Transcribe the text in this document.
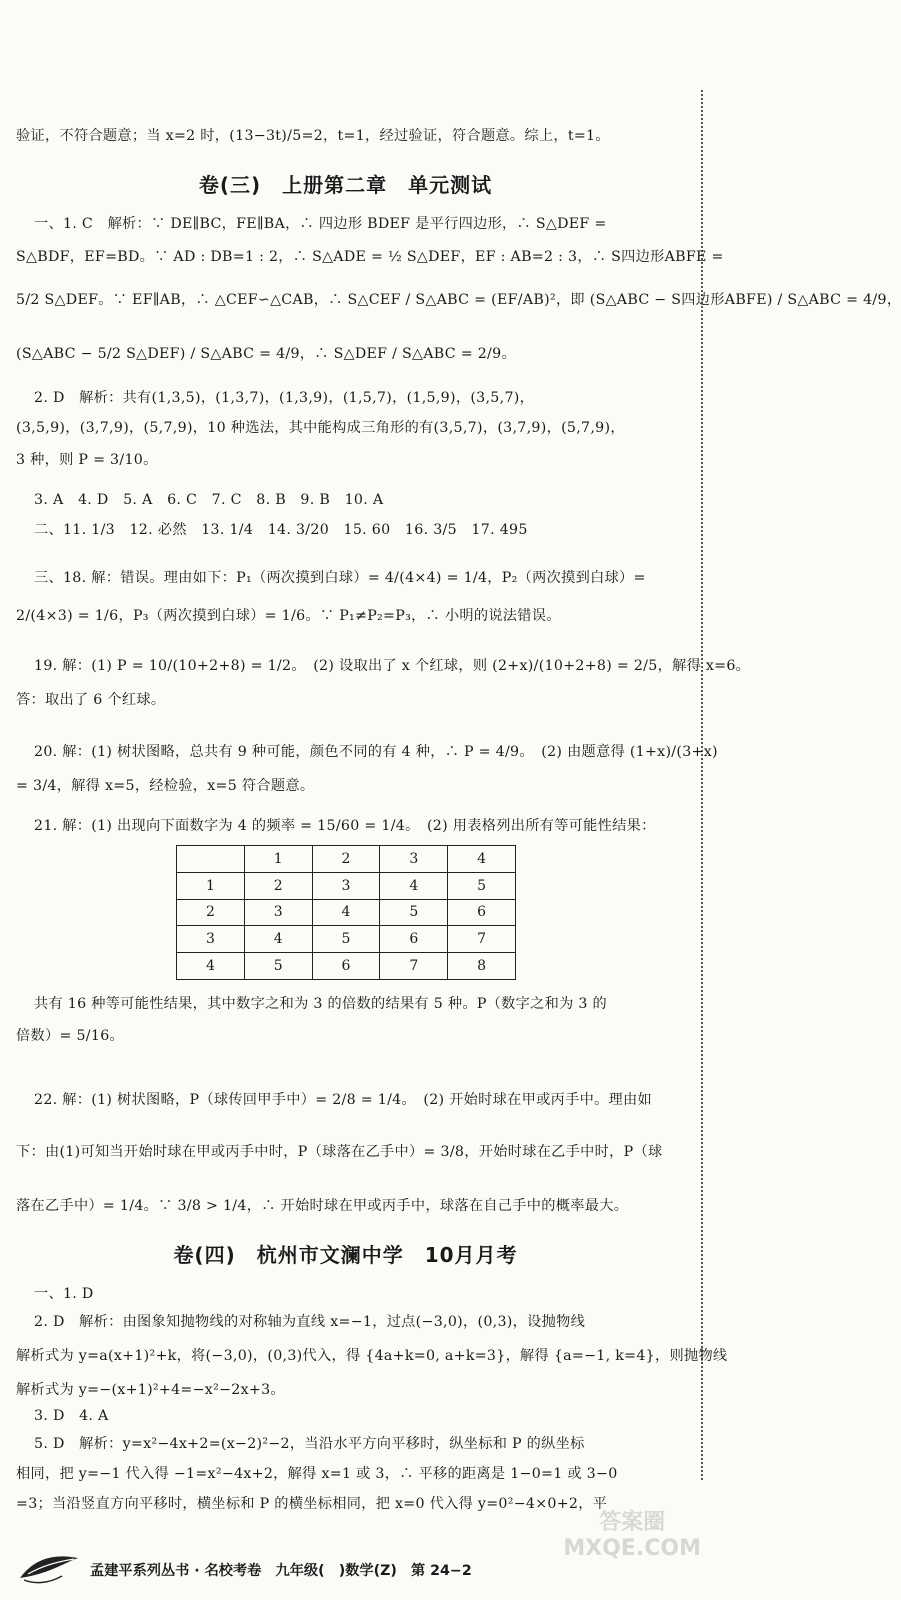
验证，不符合题意；当 x=2 时，(13−3t)/5=2，t=1，经过验证，符合题意。综上，t=1。
卷(三)　上册第二章　单元测试
一、1. C　解析：∵ DE∥BC，FE∥BA，∴ 四边形 BDEF 是平行四边形，∴ S△DEF =
S△BDF，EF=BD。∵ AD : DB=1 : 2，∴ S△ADE = ½ S△DEF，EF : AB=2 : 3，∴ S四边形ABFE =
5/2 S△DEF。∵ EF∥AB，∴ △CEF∽△CAB，∴ S△CEF / S△ABC = (EF/AB)²，即 (S△ABC − S四边形ABFE) / S△ABC = 4/9，
(S△ABC − 5/2 S△DEF) / S△ABC = 4/9，∴ S△DEF / S△ABC = 2/9。
2. D　解析：共有(1,3,5)，(1,3,7)，(1,3,9)，(1,5,7)，(1,5,9)，(3,5,7)，
(3,5,9)，(3,7,9)，(5,7,9)，10 种选法，其中能构成三角形的有(3,5,7)，(3,7,9)，(5,7,9)，
3 种，则 P = 3/10。
3. A　4. D　5. A　6. C　7. C　8. B　9. B　10. A
二、11. 1/3　12. 必然　13. 1/4　14. 3/20　15. 60　16. 3/5　17. 495
三、18. 解：错误。理由如下：P₁（两次摸到白球）= 4/(4×4) = 1/4，P₂（两次摸到白球）=
2/(4×3) = 1/6，P₃（两次摸到白球）= 1/6。∵ P₁≠P₂=P₃，∴ 小明的说法错误。
19. 解：(1) P = 10/(10+2+8) = 1/2。　(2) 设取出了 x 个红球，则 (2+x)/(10+2+8) = 2/5，解得 x=6。
答：取出了 6 个红球。
20. 解：(1) 树状图略，总共有 9 种可能，颜色不同的有 4 种，∴ P = 4/9。　(2) 由题意得 (1+x)/(3+x)
= 3/4，解得 x=5，经检验，x=5 符合题意。
21. 解：(1) 出现向下面数字为 4 的频率 = 15/60 = 1/4。　(2) 用表格列出所有等可能性结果：
	1	2	3	4
1	2	3	4	5
2	3	4	5	6
3	4	5	6	7
4	5	6	7	8
共有 16 种等可能性结果，其中数字之和为 3 的倍数的结果有 5 种。P（数字之和为 3 的
倍数）= 5/16。
22. 解：(1) 树状图略，P（球传回甲手中）= 2/8 = 1/4。　(2) 开始时球在甲或丙手中。理由如
下：由(1)可知当开始时球在甲或丙手中时，P（球落在乙手中）= 3/8，开始时球在乙手中时，P（球
落在乙手中）= 1/4。∵ 3/8 > 1/4，∴ 开始时球在甲或丙手中，球落在自己手中的概率最大。
卷(四)　杭州市文澜中学　10月月考
一、1. D
2. D　解析：由图象知抛物线的对称轴为直线 x=−1，过点(−3,0)，(0,3)，设抛物线
解析式为 y=a(x+1)²+k，将(−3,0)，(0,3)代入，得 {4a+k=0, a+k=3}，解得 {a=−1, k=4}，则抛物线
解析式为 y=−(x+1)²+4=−x²−2x+3。
3. D　4. A
5. D　解析：y=x²−4x+2=(x−2)²−2，当沿水平方向平移时，纵坐标和 P 的纵坐标
相同，把 y=−1 代入得 −1=x²−4x+2，解得 x=1 或 3，∴ 平移的距离是 1−0=1 或 3−0
=3；当沿竖直方向平移时，横坐标和 P 的横坐标相同，把 x=0 代入得 y=0²−4×0+2，平
孟建平系列丛书 · 名校考卷　九年级(　)数学(Z)　第 24−2
答案圈
MXQE.COM
